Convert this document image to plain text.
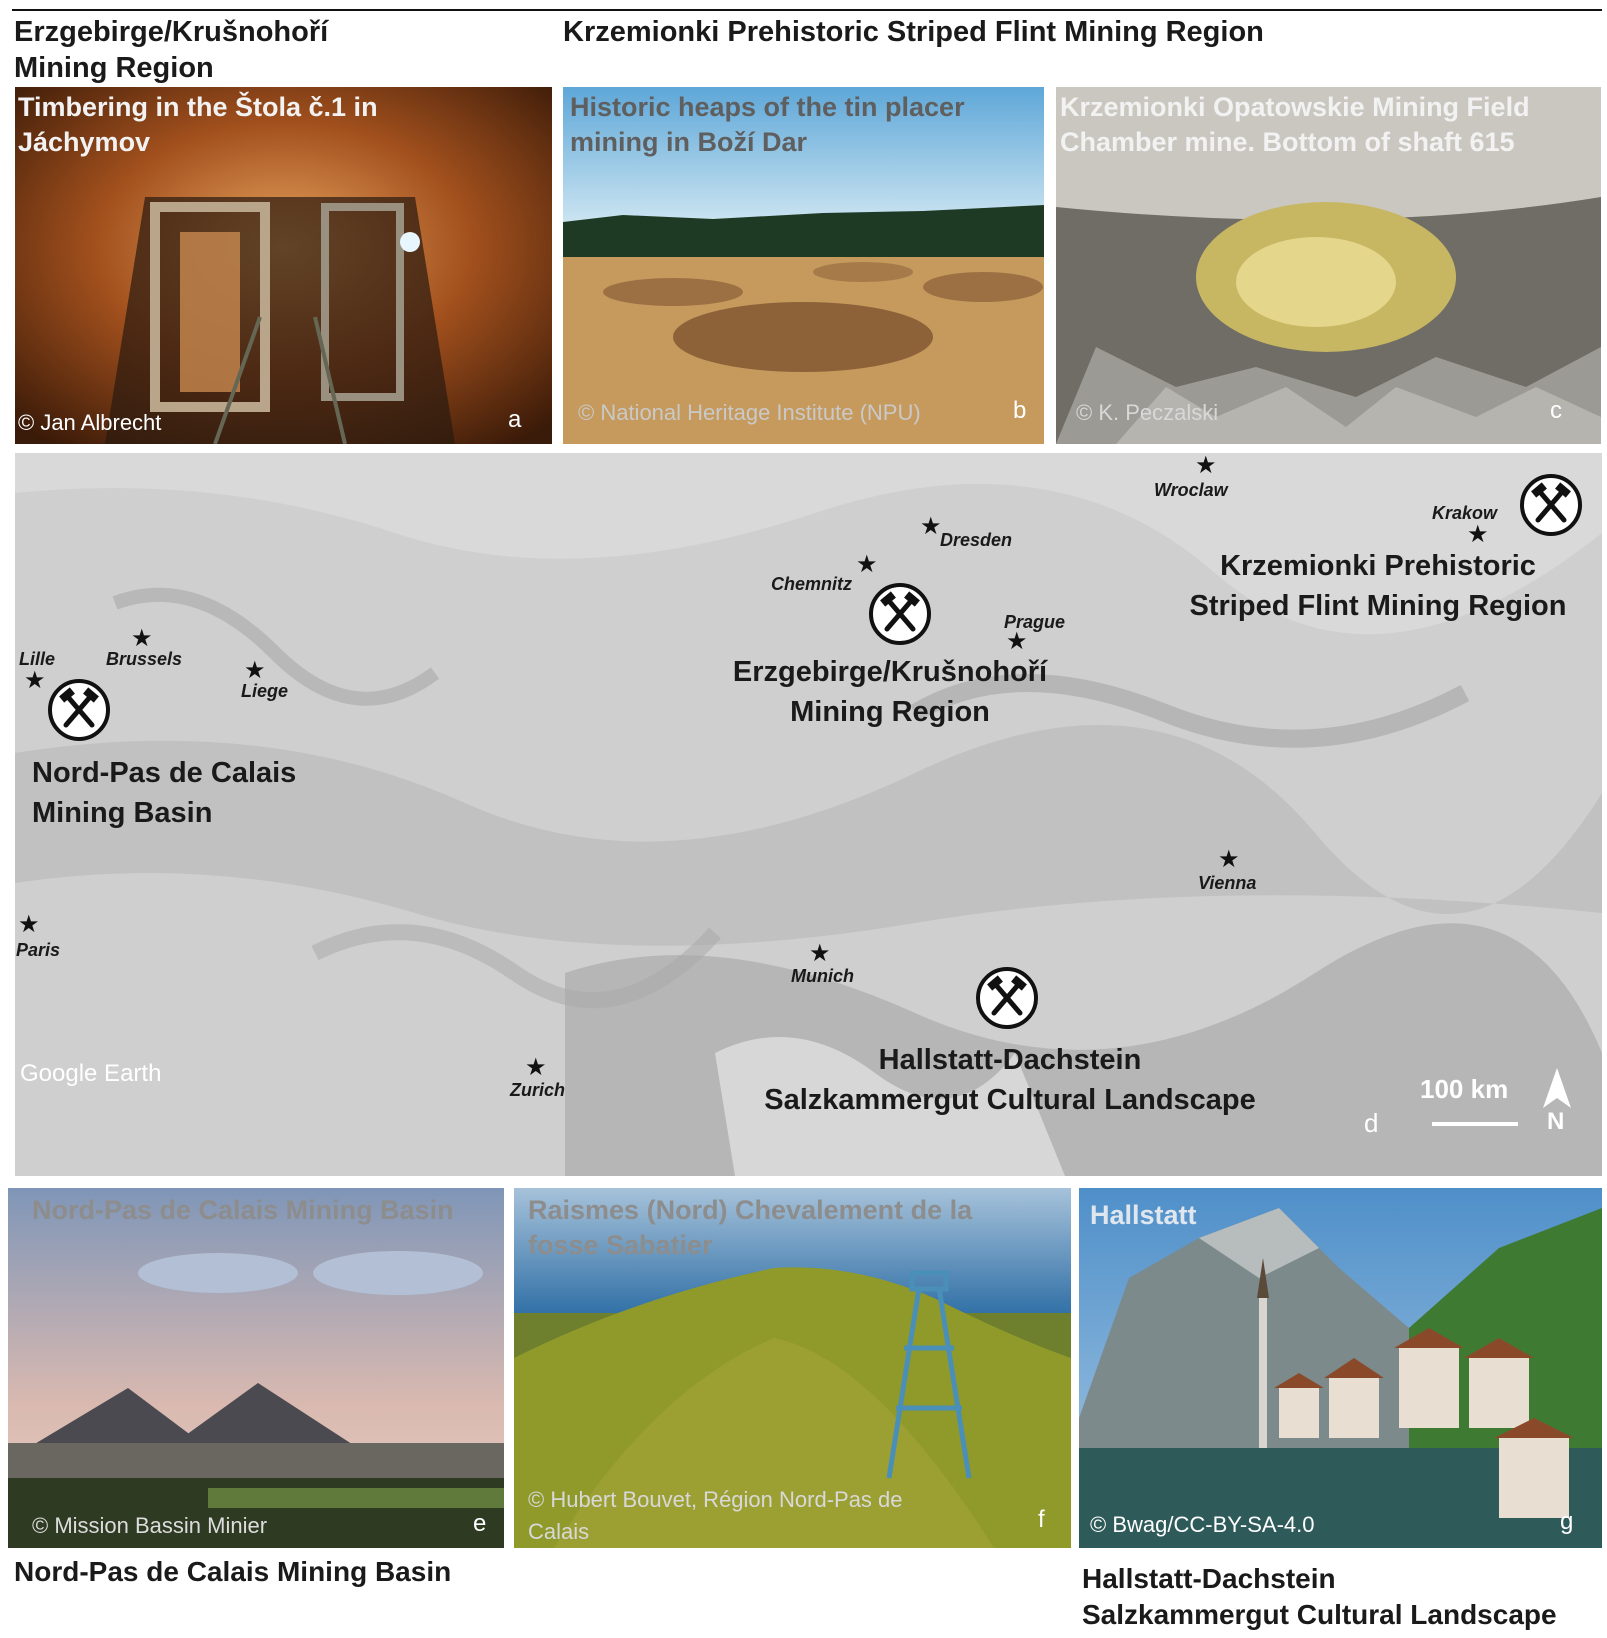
Erzgebirge/Krušnohoří
Mining Region
Krzemionki Prehistoric Striped Flint Mining Region
Timbering in the Štola č.1 in Jáchymov
© Jan Albrecht	a
Historic heaps of the tin placer mining in Boží Dar
© National Heritage Institute (NPU)	b
Krzemionki Opatowskie Mining Field Chamber mine. Bottom of shaft 615
© K. Peczalski	c
★
★
★
★
★
★
★	★
★
★
★
★
Wroclaw
Krakow
Dresden
Chemnitz
Prague
Brussels
Lille
Liege
Vienna
Paris
Munich
Zurich
Krzemionki Prehistoric
Striped Flint Mining Region
Erzgebirge/Krušnohoří
Mining Region
Nord-Pas de Calais
Mining Basin
Hallstatt-Dachstein
Salzkammergut Cultural Landscape
Google Earth
100 km
N
d
Nord-Pas de Calais Mining Basin
© Mission Bassin Minier	e
Raismes (Nord) Chevalement de la fosse Sabatier
© Hubert Bouvet, Région Nord-Pas de Calais	f
Hallstatt
© Bwag/CC-BY-SA-4.0	g
Nord-Pas de Calais Mining Basin	Hallstatt-Dachstein
Salzkammergut Cultural Landscape
